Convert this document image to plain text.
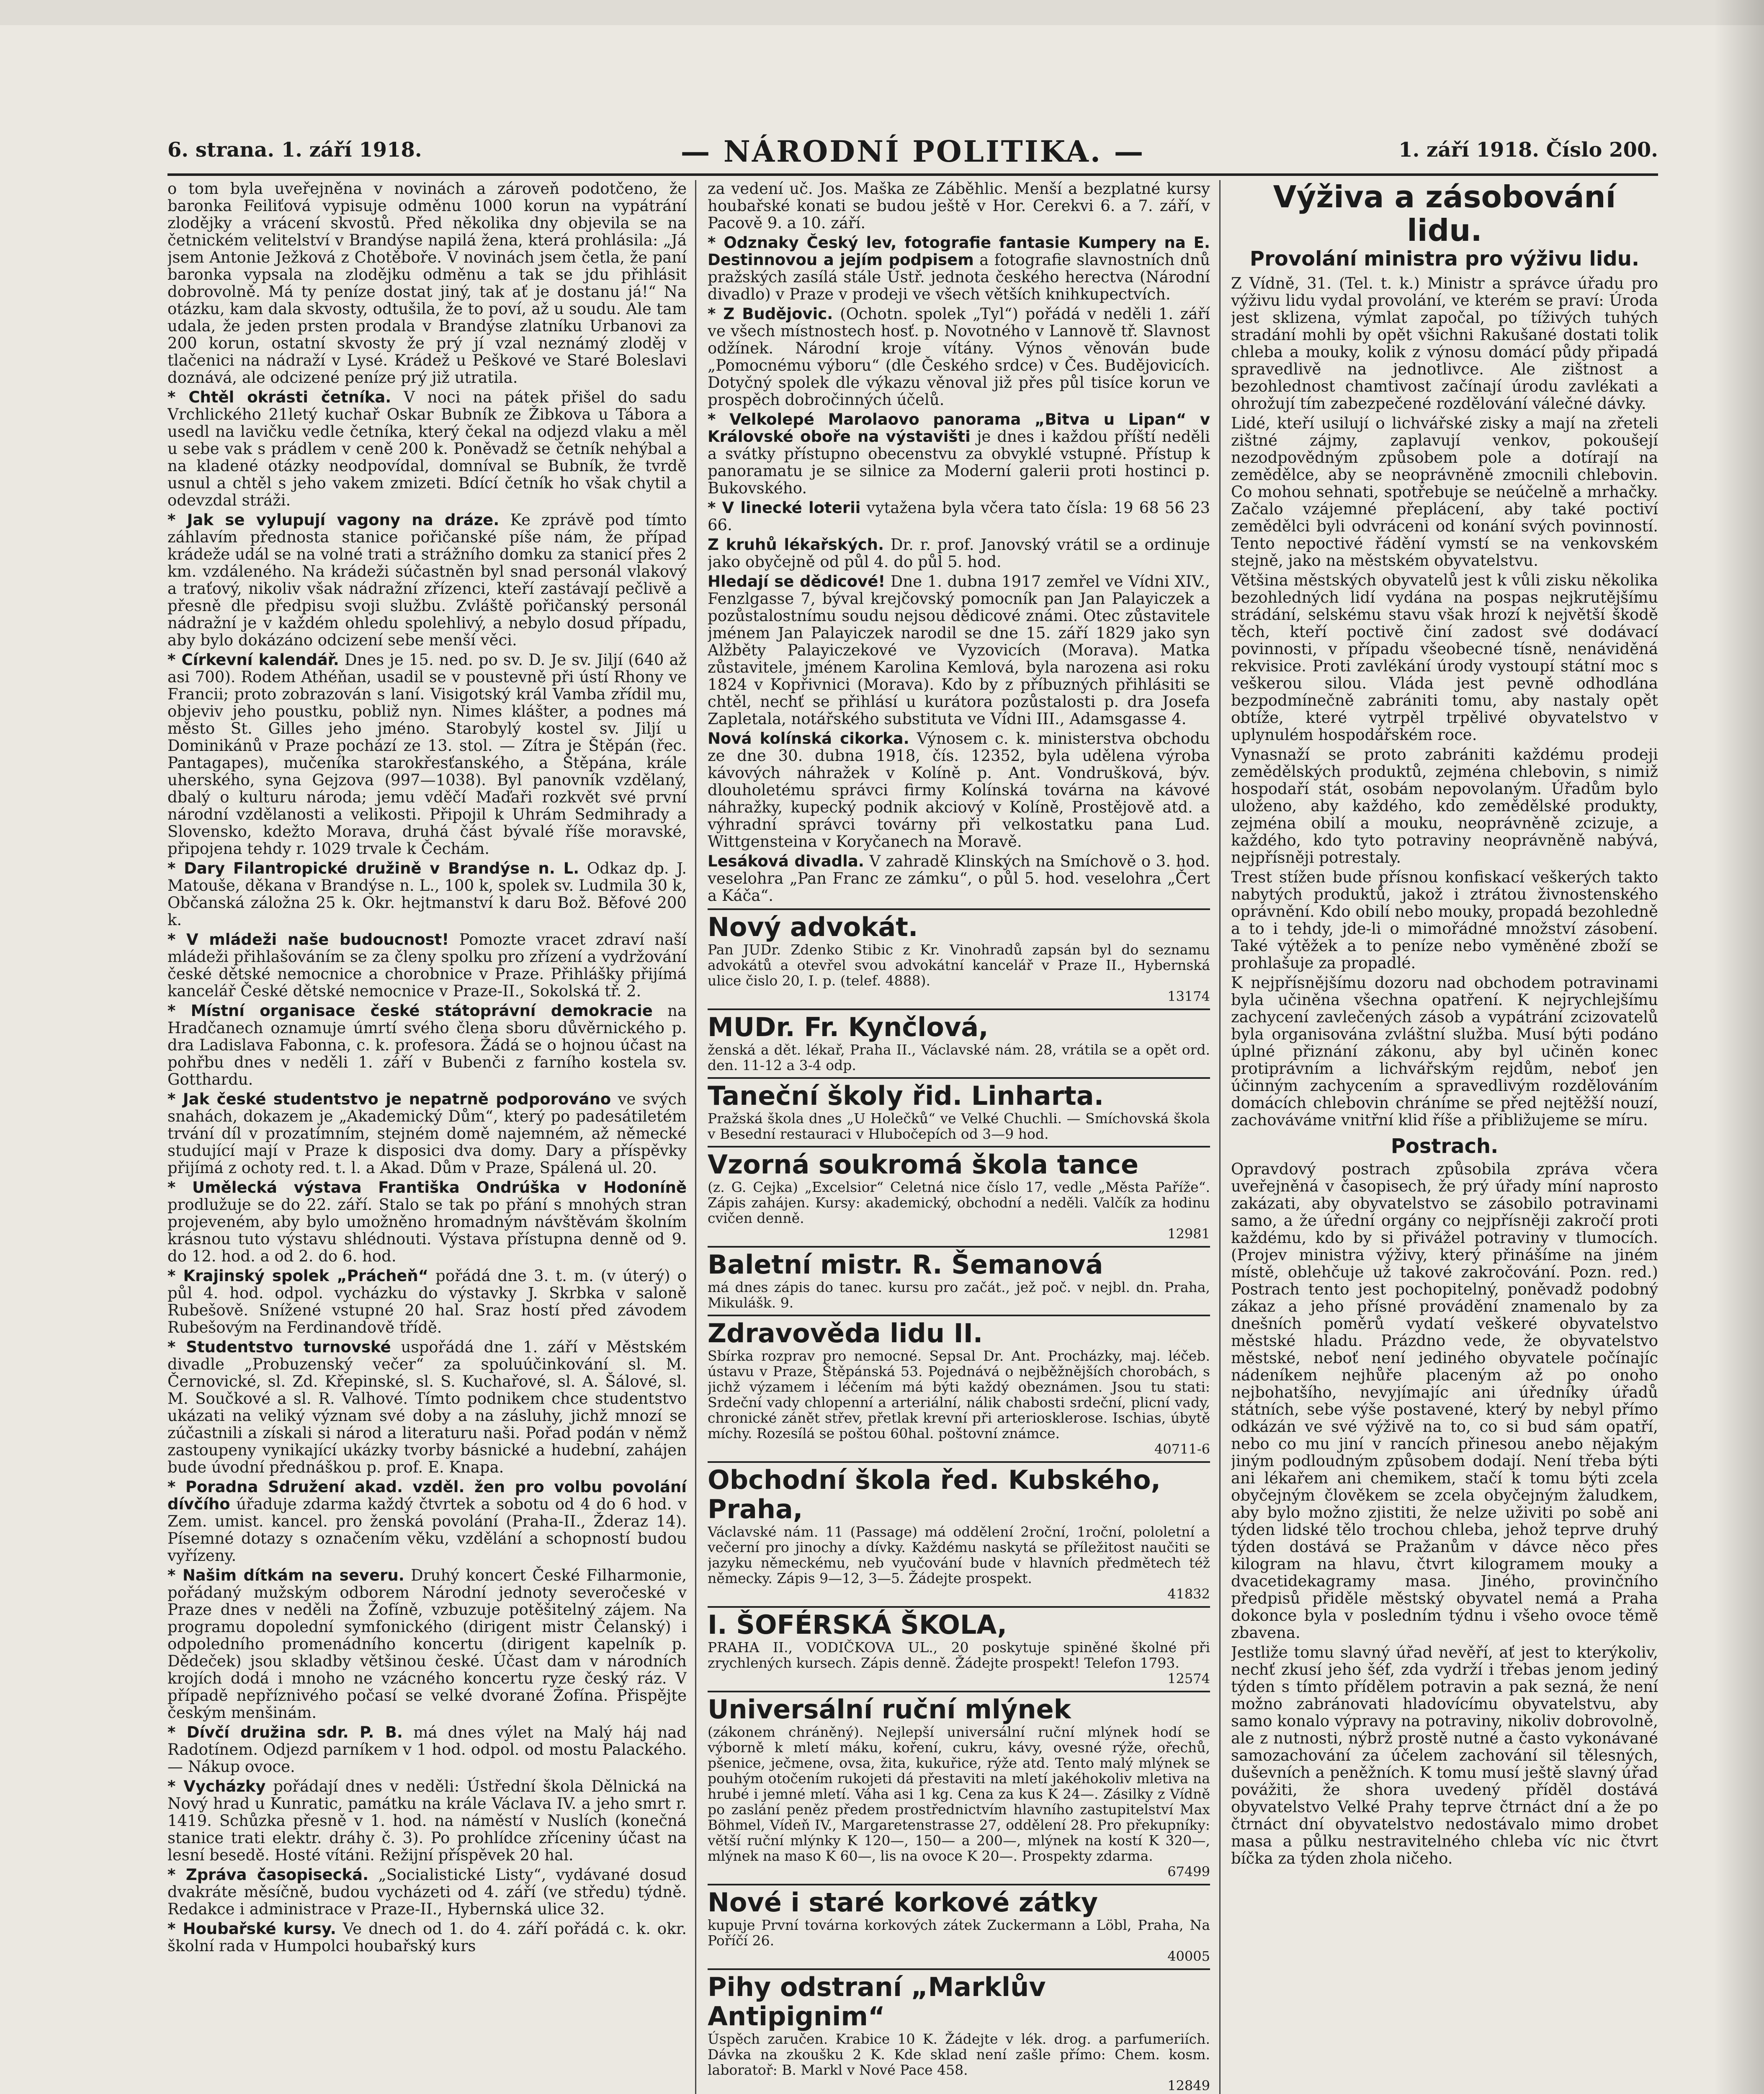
6. strana. 1. září 1918.	— NÁRODNÍ POLITIKA. —	1. září 1918. Číslo 200.

o tom byla uveřejněna v novinách a zároveň podotčeno, že baronka Feiliťová vypisuje odměnu 1000 korun na vypátrání zlodějky a vrácení skvostů. Před několika dny objevila se na četnickém velitelství v Brandýse napilá žena, která prohlásila: „Já jsem Antonie Ježková z Chotěboře. V novinách jsem četla, že paní baronka vypsala na zlodějku odměnu a tak se jdu přihlásit dobrovolně. Má ty peníze dostat jiný, tak ať je dostanu já!“ Na otázku, kam dala skvosty, odtušila, že to poví, až u soudu. Ale tam udala, že jeden prsten prodala v Brandýse zlatníku Urbanovi za 200 korun, ostatní skvosty že prý jí vzal neznámý zloděj v tlačenici na nádraží v Lysé. Krádež u Peškové ve Staré Boleslavi doznává, ale odcizené peníze prý již utratila.

* Chtěl okrásti četníka. V noci na pátek přišel do sadu Vrchlického 21letý kuchař Oskar Bubník ze Žibkova u Tábora a usedl na lavičku vedle četníka, který čekal na odjezd vlaku a měl u sebe vak s prádlem v ceně 200 k. Poněvadž se četník nehýbal a na kladené otázky neodpovídal, domníval se Bubník, že tvrdě usnul a chtěl s jeho vakem zmizeti. Bdící četník ho však chytil a odevzdal stráži.

* Jak se vylupují vagony na dráze. Ke zprávě pod tímto záhlavím přednosta stanice pořičanské píše nám, že případ krádeže udál se na volné trati a strážního domku za stanicí přes 2 km. vzdáleného. Na krádeži súčastněn byl snad personál vlakový a traťový, nikoliv však nádražní zřízenci, kteří zastávají pečlivě a přesně dle předpisu svoji službu. Zvláště pořičanský personál nádražní je v každém ohledu spolehlivý, a nebylo dosud případu, aby bylo dokázáno odcizení sebe menší věci.

* Církevní kalendář. Dnes je 15. ned. po sv. D. Je sv. Jiljí (640 až asi 700). Rodem Athéňan, usadil se v poustevně při ústí Rhony ve Francii; proto zobrazován s laní. Visigotský král Vamba zřídil mu, objeviv jeho poustku, pobliž nyn. Nimes klášter, a podnes má město St. Gilles jeho jméno. Starobylý kostel sv. Jiljí u Dominikánů v Praze pochází ze 13. stol. — Zítra je Štěpán (řec. Pantagapes), mučeníka starokřesťanského, a Štěpána, krále uherského, syna Gejzova (997—1038). Byl panovník vzdělaný, dbalý o kulturu národa; jemu vděčí Maďaři rozkvět své první národní vzdělanosti a velikosti. Připojil k Uhrám Sedmihrady a Slovensko, kdežto Morava, druhá část bývalé říše moravské, připojena tehdy r. 1029 trvale k Čechám.

* Dary Filantropické družině v Brandýse n. L. Odkaz dp. J. Matouše, děkana v Brandýse n. L., 100 k, spolek sv. Ludmila 30 k, Občanská záložna 25 k. Okr. hejtmanství k daru Bož. Běfové 200 k.

* V mládeži naše budoucnost! Pomozte vracet zdraví naší mládeži přihlašováním se za členy spolku pro zřízení a vydržování české dětské nemocnice a chorobnice v Praze. Přihlášky přijímá kancelář České dětské nemocnice v Praze-II., Sokolská tř. 2.

* Místní organisace české státoprávní demokracie na Hradčanech oznamuje úmrtí svého člena sboru důvěrnického p. dra Ladislava Fabonna, c. k. profesora. Žádá se o hojnou účast na pohřbu dnes v neděli 1. září v Bubenči z farního kostela sv. Gotthardu.

* Jak české studentstvo je nepatrně podporováno ve svých snahách, dokazem je „Akademický Dům“, který po padesátiletém trvání díl v prozatímním, stejném domě najemném, až německé studující mají v Praze k disposici dva domy. Dary a příspěvky přijímá z ochoty red. t. l. a Akad. Dům v Praze, Spálená ul. 20.

* Umělecká výstava Františka Ondrúška v Hodoníně prodlužuje se do 22. září. Stalo se tak po přání s mnohých stran projeveném, aby bylo umožněno hromadným návštěvám školním krásnou tuto výstavu shlédnouti. Výstava přístupna denně od 9. do 12. hod. a od 2. do 6. hod.

* Krajinský spolek „Prácheň“ pořádá dne 3. t. m. (v úterý) o půl 4. hod. odpol. vycházku do výstavky J. Skrbka v saloně Rubešově. Snížené vstupné 20 hal. Sraz hostí před závodem Rubešovým na Ferdinandově třídě.

* Studentstvo turnovské uspořádá dne 1. září v Městském divadle „Probuzenský večer“ za spoluúčinkování sl. M. Černovické, sl. Zd. Křepinské, sl. S. Kuchařové, sl. A. Šálové, sl. M. Součkové a sl. R. Valhové. Tímto podnikem chce studentstvo ukázati na veliký význam své doby a na zásluhy, jichž mnozí se zúčastnili a získali si národ a literaturu naši. Pořad podán v němž zastoupeny vynikající ukázky tvorby básnické a hudební, zahájen bude úvodní přednáškou p. prof. E. Knapa.

* Poradna Sdružení akad. vzděl. žen pro volbu povolání dívčího úřaduje zdarma každý čtvrtek a sobotu od 4 do 6 hod. v Zem. umist. kancel. pro ženská povolání (Praha-II., Žderaz 14). Písemné dotazy s označením věku, vzdělání a schopností budou vyřízeny.

* Našim dítkám na severu. Druhý koncert České Filharmonie, pořádaný mužským odborem Národní jednoty severočeské v Praze dnes v neděli na Žofíně, vzbuzuje potěšitelný zájem. Na programu dopolední symfonického (dirigent mistr Čelanský) i odpoledního promenádního koncertu (dirigent kapelník p. Dědeček) jsou skladby většinou české. Účast dam v národních krojích dodá i mnoho ne vzácného koncertu ryze český ráz. V případě nepříznivého počasí se velké dvorané Žofína. Přispějte českým menšinám.

* Dívčí družina sdr. P. B. má dnes výlet na Malý háj nad Radotínem. Odjezd parníkem v 1 hod. odpol. od mostu Palackého. — Nákup ovoce.

* Vycházky pořádají dnes v neděli: Ústřední škola Dělnická na Nový hrad u Kunratic, památku na krále Václava IV. a jeho smrt r. 1419. Schůzka přesně v 1. hod. na náměstí v Nuslích (konečná stanice trati elektr. dráhy č. 3). Po prohlídce zříceniny účast na lesní besedě. Hosté vítáni. Režijní příspěvek 20 hal.

* Zpráva časopisecká. „Socialistické Listy“, vydávané dosud dvakráte měsíčně, budou vycházeti od 4. září (ve středu) týdně. Redakce i administrace v Praze-II., Hybernská ulice 32.

* Houbařské kursy. Ve dnech od 1. do 4. září pořádá c. k. okr. školní rada v Humpolci houbařský kurs

za vedení uč. Jos. Maška ze Záběhlic. Menší a bezplatné kursy houbařské konati se budou ještě v Hor. Cerekvi 6. a 7. září, v Pacově 9. a 10. září.

* Odznaky Český lev, fotografie fantasie Kumpery na E. Destinnovou a jejím podpisem a fotografie slavnostních dnů pražských zasílá stále Ústř. jednota českého herectva (Národní divadlo) v Praze v prodeji ve všech větších knihkupectvích.

* Z Budějovic. (Ochotn. spolek „Tyl“) pořádá v neděli 1. září ve všech místnostech hosť. p. Novotného v Lannově tř. Slavnost odžínek. Národní kroje vítány. Výnos věnován bude „Pomocnému výboru“ (dle Českého srdce) v Čes. Budějovicích. Dotyčný spolek dle výkazu věnoval již přes půl tisíce korun ve prospěch dobročinných účelů.

* Velkolepé Marolaovo panorama „Bitva u Lipan“ v Královské oboře na výstavišti je dnes i každou příští neděli a svátky přístupno obecenstvu za obvyklé vstupné. Přístup k panoramatu je se silnice za Moderní galerii proti hostinci p. Bukovského.

* V linecké loterii vytažena byla včera tato čísla: 19 68 56 23 66.

Z kruhů lékařských. Dr. r. prof. Janovský vrátil se a ordinuje jako obyčejně od půl 4. do půl 5. hod.

Hledají se dědicové! Dne 1. dubna 1917 zemřel ve Vídni XIV., Fenzlgasse 7, býval krejčovský pomocník pan Jan Palayiczek a pozůstalostnímu soudu nejsou dědicové známi. Otec zůstavitele jménem Jan Palayiczek narodil se dne 15. září 1829 jako syn Alžběty Palayiczekové ve Vyzovicích (Morava). Matka zůstavitele, jménem Karolina Kemlová, byla narozena asi roku 1824 v Kopřivnici (Morava). Kdo by z příbuzných přihlásiti se chtěl, nechť se přihlásí u kurátora pozůstalosti p. dra Josefa Zapletala, notářského substituta ve Vídni III., Adamsgasse 4.

Nová kolínská cikorka. Výnosem c. k. ministerstva obchodu ze dne 30. dubna 1918, čís. 12352, byla udělena výroba kávových náhražek v Kolíně p. Ant. Vondrušková, býv. dlouholetému správci firmy Kolínská továrna na kávové náhražky, kupecký podnik akciový v Kolíně, Prostějově atd. a výhradní správci továrny při velkostatku pana Lud. Wittgensteina v Koryčanech na Moravě.

Lesáková divadla. V zahradě Klinských na Smíchově o 3. hod. veselohra „Pan Franc ze zámku“, o půl 5. hod. veselohra „Čert a Káča“.

Nový advokát.
Pan JUDr. Zdenko Stibic z Kr. Vinohradů zapsán byl do seznamu advokátů a otevřel svou advokátní kancelář v Praze II., Hybernská ulice čislo 20, I. p. (telef. 4888).
13174
MUDr. Fr. Kynčlová,
ženská a dět. lékař, Praha II., Václavské nám. 28, vrátila se a opět ord. den. 11-12 a 3-4 odp.
Taneční školy řid. Linharta.
Pražská škola dnes „U Holečků“ ve Velké Chuchli. — Smíchovská škola v Besední restauraci v Hlubočepích od 3—9 hod.
Vzorná soukromá škola tance
(z. G. Cejka) „Excelsior“ Celetná nice číslo 17, vedle „Města Paříže“. Zápis zahájen. Kursy: akademický, obchodní a neděli. Valčík za hodinu cvičen denně.
12981
Baletní mistr. R. Šemanová
má dnes zápis do tanec. kursu pro začát., jež poč. v nejbl. dn. Praha, Mikulášk. 9.
Zdravověda lidu II.
Sbírka rozprav pro nemocné. Sepsal Dr. Ant. Procházky, maj. léčeb. ústavu v Praze, Štěpánská 53. Pojednává o nejběžnějších chorobách, s jichž výzamem i léčením má býti každý obeznámen. Jsou tu stati: Srdeční vady chlopenní a arteriální, nálik chabosti srdeční, plicní vady, chronické zánět střev, přetlak krevní při arteriosklerose. Ischias, úbytě míchy. Rozesílá se poštou 60hal. poštovní známce.
40711-6
Obchodní škola řed. Kubského, Praha,
Václavské nám. 11 (Passage) má oddělení 2roční, 1roční, pololetní a večerní pro jinochy a dívky. Každému naskytá se příležitost naučiti se jazyku německému, neb vyučování bude v hlavních předmětech též německy. Zápis 9—12, 3—5. Žádejte prospekt.
41832
I. ŠOFÉRSKÁ ŠKOLA,
PRAHA II., VODIČKOVA UL., 20 poskytuje spiněné školné při zrychlených kursech. Zápis denně. Žádejte prospekt! Telefon 1793.
12574
Universální ruční mlýnek
(zákonem chráněný). Nejlepší universální ruční mlýnek hodí se výborně k mletí máku, koření, cukru, kávy, ovesné rýže, ořechů, pšenice, ječmene, ovsa, žita, kukuřice, rýže atd. Tento malý mlýnek se pouhým otočením rukojeti dá přestaviti na mletí jakéhokoliv mletiva na hrubé i jemné mletí. Váha asi 1 kg. Cena za kus K 24—. Zásilky z Vídně po zaslání peněz předem prostřednictvím hlavního zastupitelství Max Böhmel, Vídeň IV., Margaretenstrasse 27, oddělení 28. Pro překupníky: větší ruční mlýnky K 120—, 150— a 200—, mlýnek na kostí K 320—, mlýnek na maso K 60—, lis na ovoce K 20—. Prospekty zdarma.
67499
Nové i staré korkové zátky
kupuje První továrna korkových zátek Zuckermann a Löbl, Praha, Na Poříčí 26.
40005
Pihy odstraní „Marklův Antipignim“
Úspěch zaručen. Krabice 10 K. Žádejte v lék. drog. a parfumeriích. Dávka na zkoušku 2 K. Kde sklad není zašle přímo: Chem. kosm. laboratoř: B. Markl v Nové Pace 458.
12849

Výživa a zásobování lidu.

Provolání ministra pro výživu lidu.

Z Vídně, 31. (Tel. t. k.) Ministr a správce úřadu pro výživu lidu vydal provolání, ve kterém se praví: Úroda jest sklizena, výmlat započal, po tíživých tuhých stradání mohli by opět všichni Rakušané dostati tolik chleba a mouky, kolik z výnosu domácí půdy připadá spravedlivě na jednotlivce. Ale zištnost a bezohlednost chamtivost začínají úrodu zavlékati a ohrožují tím zabezpečené rozdělování válečné dávky.

Lidé, kteří usilují o lichvářské zisky a mají na zřeteli zištné zájmy, zaplavují venkov, pokoušejí nezodpovědným způsobem pole a dotírají na zemědělce, aby se neoprávněně zmocnili chlebovin. Co mohou sehnati, spotřebuje se neúčelně a mrhačky. Začalo vzájemné přeplácení, aby také poctiví zemědělci byli odvráceni od konání svých povinností. Tento nepoctivé řádění vymstí se na venkovském stejně, jako na městském obyvatelstvu.

Většina městských obyvatelů jest k vůli zisku několika bezohledných lidí vydána na pospas nejkrutějšímu strádání, selskému stavu však hrozí k největší škodě těch, kteří poctivě činí zadost své dodávací povinnosti, v případu všeobecné tísně, nenáviděná rekvisice. Proti zavlékání úrody vystoupí státní moc s veškerou silou. Vláda jest pevně odhodlána bezpodmínečně zabrániti tomu, aby nastaly opět obtíže, které vytrpěl trpělivé obyvatelstvo v uplynulém hospodářském roce.

Vynasnaží se proto zabrániti každému prodeji zemědělských produktů, zejména chlebovin, s nimiž hospodaří stát, osobám nepovolaným. Úřadům bylo uloženo, aby každého, kdo zemědělské produkty, zejména obilí a mouku, neoprávněně zcizuje, a každého, kdo tyto potraviny neoprávněně nabývá, nejpřísněji potrestaly.

Trest stížen bude přísnou konfiskací veškerých takto nabytých produktů, jakož i ztrátou živnostenského oprávnění. Kdo obilí nebo mouky, propadá bezohledně a to i tehdy, jde-li o mimořádné množství zásobení. Také výtěžek a to peníze nebo vyměněné zboží se prohlašuje za propadlé.

K nejpřísnějšímu dozoru nad obchodem potravinami byla učiněna všechna opatření. K nejrychlejšímu zachycení zavlečených zásob a vypátrání zcizovatelů byla organisována zvláštní služba. Musí býti podáno úplné přiznání zákonu, aby byl učiněn konec protiprávním a lichvářským rejdům, neboť jen účinným zachycením a spravedlivým rozdělováním domácích chlebovin chráníme se před nejtěžší nouzí, zachováváme vnitřní klid říše a přibližujeme se míru.

Postrach.

Opravdový postrach způsobila zpráva včera uveřejněná v časopisech, že prý úřady míní naprosto zakázati, aby obyvatelstvo se zásobilo potravinami samo, a že úřední orgány co nejpřísněji zakročí proti každému, kdo by si přivážel potraviny v tlumocích. (Projev ministra výživy, který přinášíme na jiném místě, oblehčuje už takové zakročování. Pozn. red.) Postrach tento jest pochopitelný, poněvadž podobný zákaz a jeho přísné provádění znamenalo by za dnešních poměrů vydatí veškeré obyvatelstvo městské hladu. Prázdno vede, že obyvatelstvo městské, neboť není jediného obyvatele počínajíc nádeníkem nejhůře placeným až po onoho nejbohatšího, nevyjímajíc ani úředníky úřadů státních, sebe výše postavené, který by nebyl přímo odkázán ve své výživě na to, co si bud sám opatří, nebo co mu jiní v rancích přinesou anebo nějakým jiným podloudným způsobem dodají. Není třeba býti ani lékařem ani chemikem, stačí k tomu býti zcela obyčejným člověkem se zcela obyčejným žaludkem, aby bylo možno zjistiti, že nelze uživiti po sobě ani týden lidské tělo trochou chleba, jehož teprve druhý týden dostává se Pražanům v dávce něco přes kilogram na hlavu, čtvrt kilogramem mouky a dvacetidekagramy masa. Jiného, provinčního předpisů přiděle městský obyvatel nemá a Praha dokonce byla v posledním týdnu i všeho ovoce těmě zbavena.

Jestliže tomu slavný úřad nevěří, ať jest to kterýkoliv, nechť zkusí jeho šéf, zda vydrží i třebas jenom jediný týden s tímto přídělem potravin a pak sezná, že není možno zabránovati hladovícímu obyvatelstvu, aby samo konalo výpravy na potraviny, nikoliv dobrovolně, ale z nutnosti, nýbrž prostě nutné a často vykonávané samozachování za účelem zachování sil tělesných, duševních a peněžních. K tomu musí ještě slavný úřad povážiti, že shora uvedený příděl dostává obyvatelstvo Velké Prahy teprve čtrnáct dní a že po čtrnáct dní obyvatelstvo nedostávalo mimo drobet masa a půlku nestravitelného chleba víc nic čtvrt bíčka za týden zhola ničeho.
